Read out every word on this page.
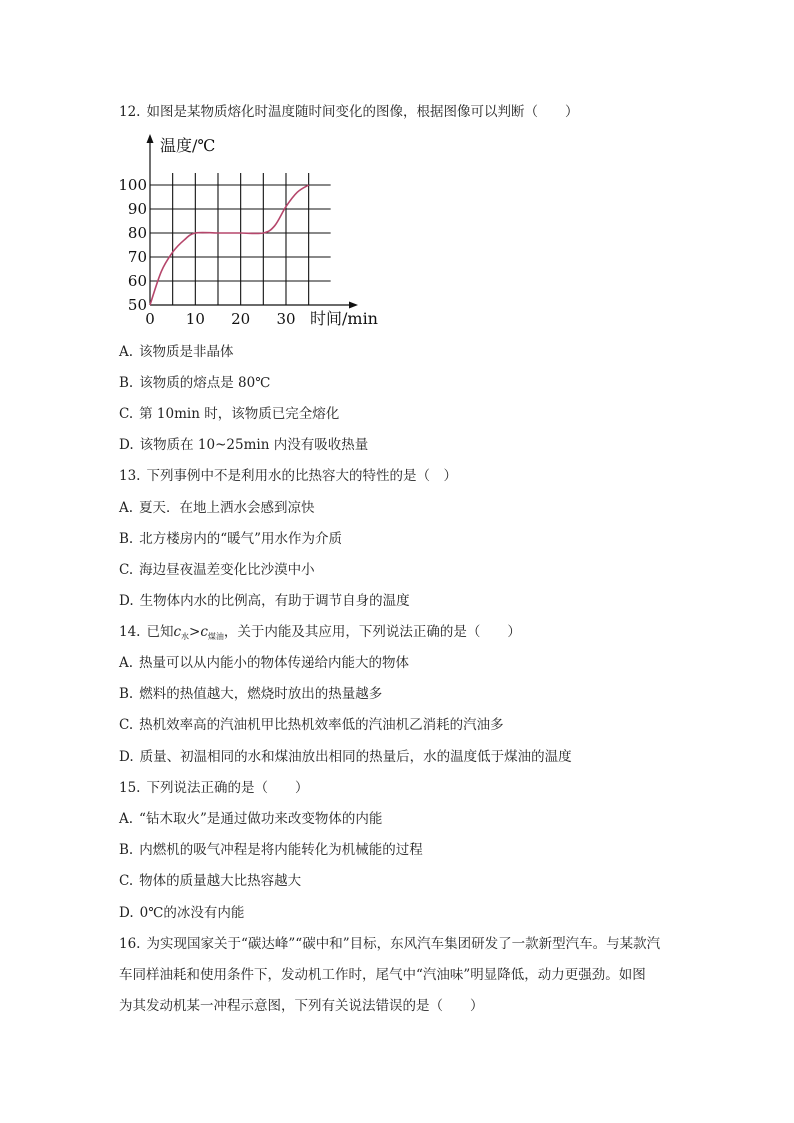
12. 如图是某物质熔化时温度随时间变化的图像，根据图像可以判断（　　）
50
60
70
80
90
100
0 10 20 30
温度/℃
时间/min
A. 该物质是非晶体
B. 该物质的熔点是 80℃
C. 第 10min 时，该物质已完全熔化
D. 该物质在 10~25min 内没有吸收热量
13. 下列事例中不是利用水的比热容大的特性的是（　）
A. 夏天．在地上洒水会感到凉快
B. 北方楼房内的“暖气”用水作为介质
C. 海边昼夜温差变化比沙漠中小
D. 生物体内水的比例高，有助于调节自身的温度
14. 已知$c_水>c_{煤油}$，关于内能及其应用，下列说法正确的是（　　）
A. 热量可以从内能小的物体传递给内能大的物体
B. 燃料的热值越大，燃烧时放出的热量越多
C. 热机效率高的汽油机甲比热机效率低的汽油机乙消耗的汽油多
D. 质量、初温相同的水和煤油放出相同的热量后，水的温度低于煤油的温度
15. 下列说法正确的是（　　）
A. “钻木取火”是通过做功来改变物体的内能
B. 内燃机的吸气冲程是将内能转化为机械能的过程
C. 物体的质量越大比热容越大
D. 0℃的冰没有内能
16. 为实现国家关于“碳达峰”“碳中和”目标，东风汽车集团研发了一款新型汽车。与某款汽
车同样油耗和使用条件下，发动机工作时，尾气中“汽油味”明显降低，动力更强劲。如图
为其发动机某一冲程示意图，下列有关说法错误的是（　　）
